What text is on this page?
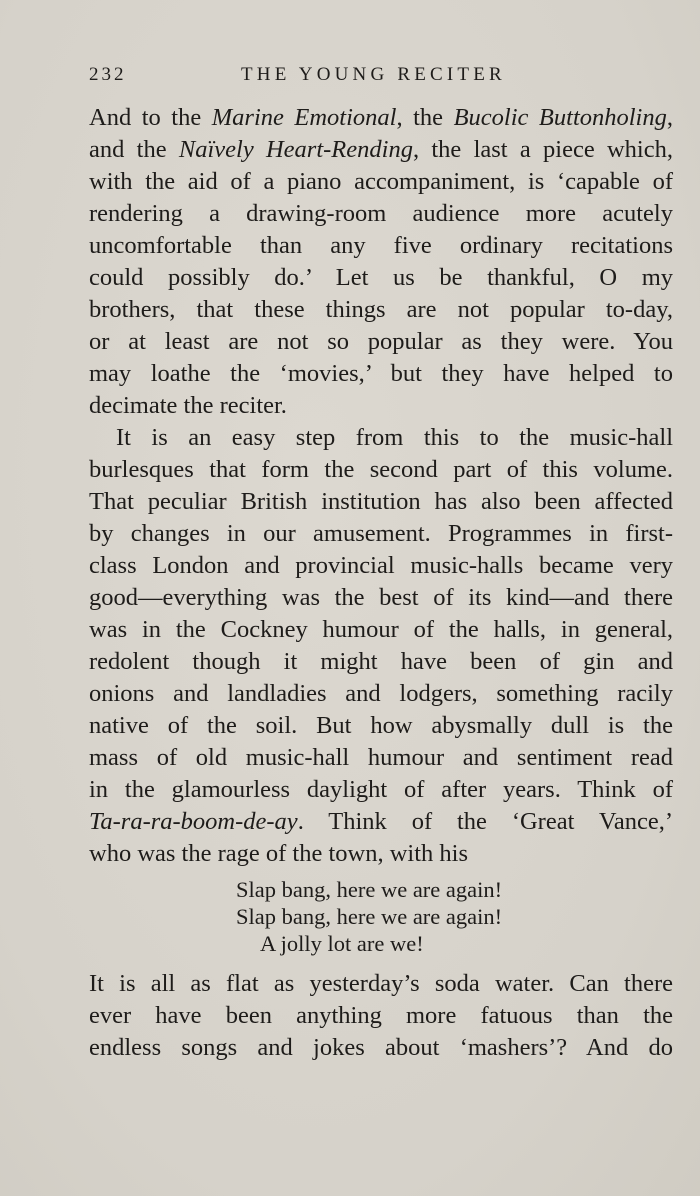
232	THE YOUNG RECITER
And to the Marine Emotional, the Bucolic Buttonholing,
and the Naïvely Heart-Rending, the last a piece which,
with the aid of a piano accompaniment, is ‘capable of
rendering a drawing-room audience more acutely
uncomfortable than any five ordinary recitations
could possibly do.’ Let us be thankful, O my
brothers, that these things are not popular to-day,
or at least are not so popular as they were. You
may loathe the ‘movies,’ but they have helped to
decimate the reciter.
It is an easy step from this to the music-hall
burlesques that form the second part of this volume.
That peculiar British institution has also been affected
by changes in our amusement. Programmes in first-
class London and provincial music-halls became very
good—everything was the best of its kind—and there
was in the Cockney humour of the halls, in general,
redolent though it might have been of gin and
onions and landladies and lodgers, something racily
native of the soil. But how abysmally dull is the
mass of old music-hall humour and sentiment read
in the glamourless daylight of after years. Think of
Ta-ra-ra-boom-de-ay. Think of the ‘Great Vance,’
who was the rage of the town, with his
Slap bang, here we are again!
Slap bang, here we are again!
A jolly lot are we!
It is all as flat as yesterday’s soda water. Can there
ever have been anything more fatuous than the
endless songs and jokes about ‘mashers’? And do
